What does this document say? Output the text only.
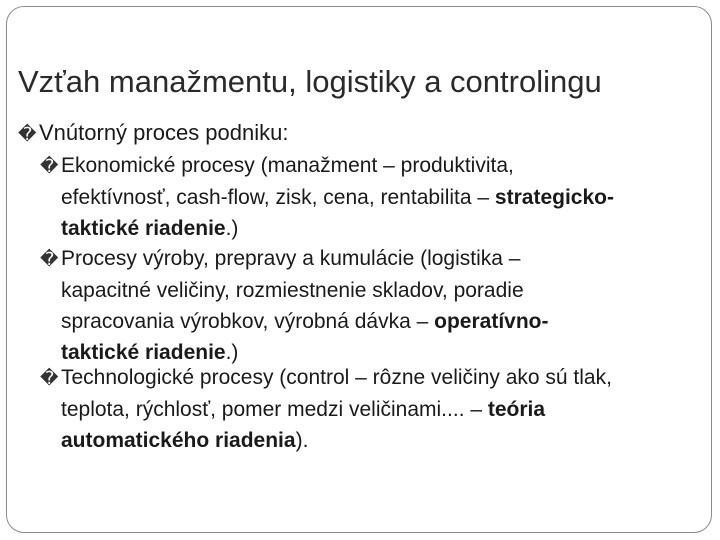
Vzťah manažmentu, logistiky a controlingu
� Vnútorný proces podniku:
� Ekonomické procesy (manažment – produktivita,
efektívnosť, cash-flow, zisk, cena, rentabilita – strategicko-
taktické riadenie.)
� Procesy výroby, prepravy a kumulácie (logistika –
kapacitné veličiny, rozmiestnenie skladov, poradie
spracovania výrobkov, výrobná dávka – operatívno-
taktické riadenie.)
� Technologické procesy (control – rôzne veličiny ako sú tlak,
teplota, rýchlosť, pomer medzi veličinami.... – teória
automatického riadenia).
